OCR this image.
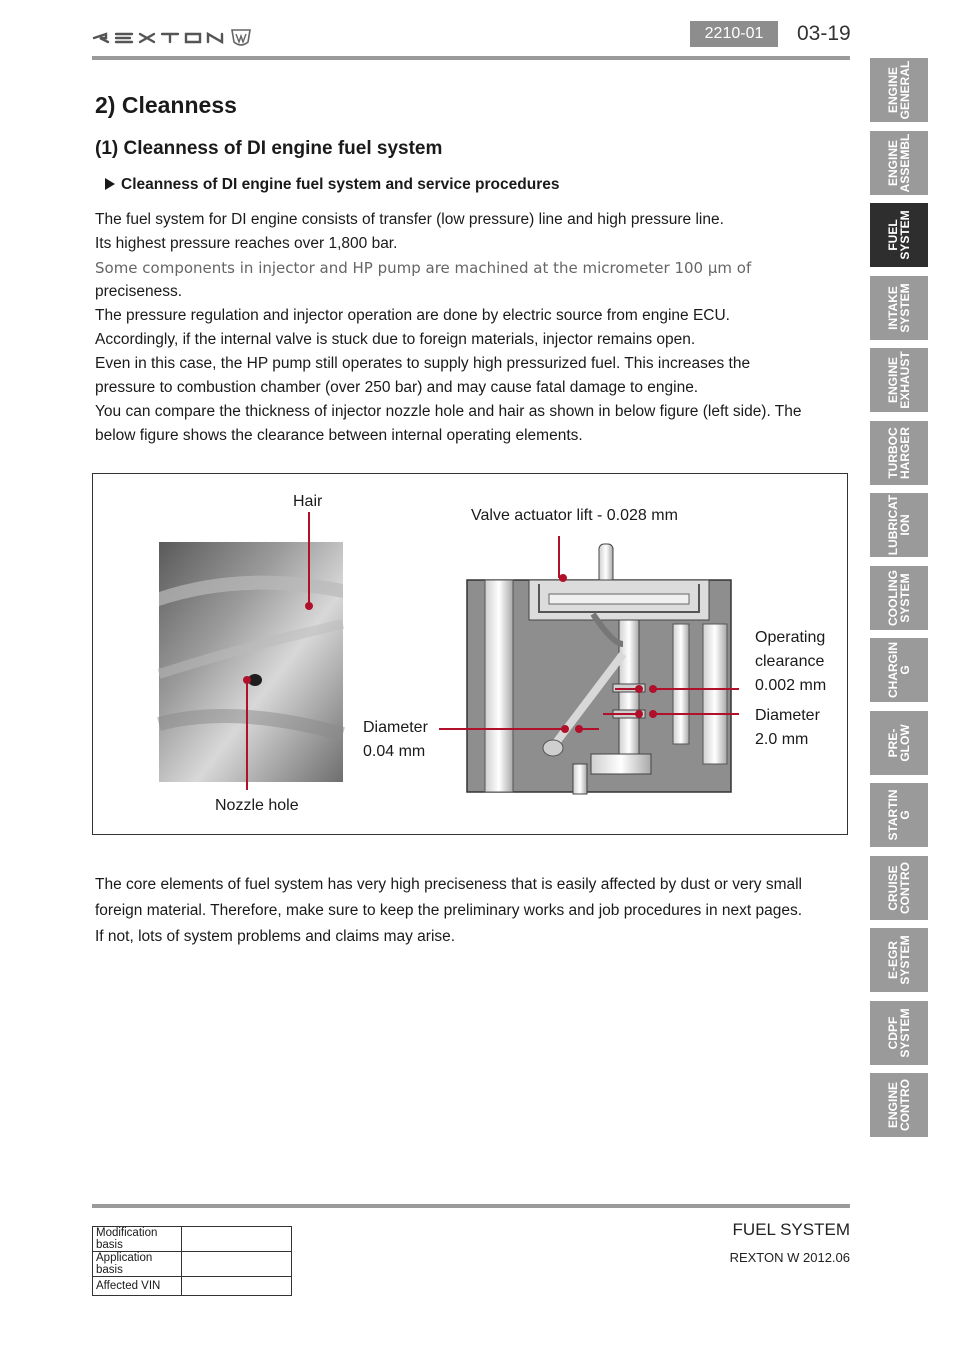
2210-01	03-19
ENGINE
GENERAL
ENGINE
ASSEMBL
FUEL
SYSTEM
INTAKE
SYSTEM
ENGINE
EXHAUST
TURBOC
HARGER
LUBRICAT
ION
COOLING
SYSTEM
CHARGIN
G
PRE-
GLOW
STARTIN
G
CRUISE
CONTRO
E-EGR
SYSTEM
CDPF
SYSTEM
ENGINE
CONTRO
2) Cleanness
(1) Cleanness of DI engine fuel system
Cleanness of DI engine fuel system and service procedures
The fuel system for DI engine consists of transfer (low pressure) line and high pressure line.
Its highest pressure reaches over 1,800 bar.
Some components in injector and HP pump are machined at the micrometer 100 μm of
preciseness.
The pressure regulation and injector operation are done by electric source from engine ECU.
Accordingly, if the internal valve is stuck due to foreign materials, injector remains open.
Even in this case, the HP pump still operates to supply high pressurized fuel. This increases the
pressure to combustion chamber (over 250 bar) and may cause fatal damage to engine.
You can compare the thickness of injector nozzle hole and hair as shown in below figure (left side). The
below figure shows the clearance between internal operating elements.
Hair
Nozzle hole
Valve actuator lift - 0.028 mm
Operating
clearance
0.002 mm
Diameter
2.0 mm
Diameter
0.04 mm
The core elements of fuel system has very high preciseness that is easily affected by dust or very small
foreign material. Therefore, make sure to keep the preliminary works and job procedures in next pages.
If not, lots of system problems and claims may arise.
Modification basis	
Application basis	
Affected VIN	
FUEL SYSTEM
REXTON W 2012.06
